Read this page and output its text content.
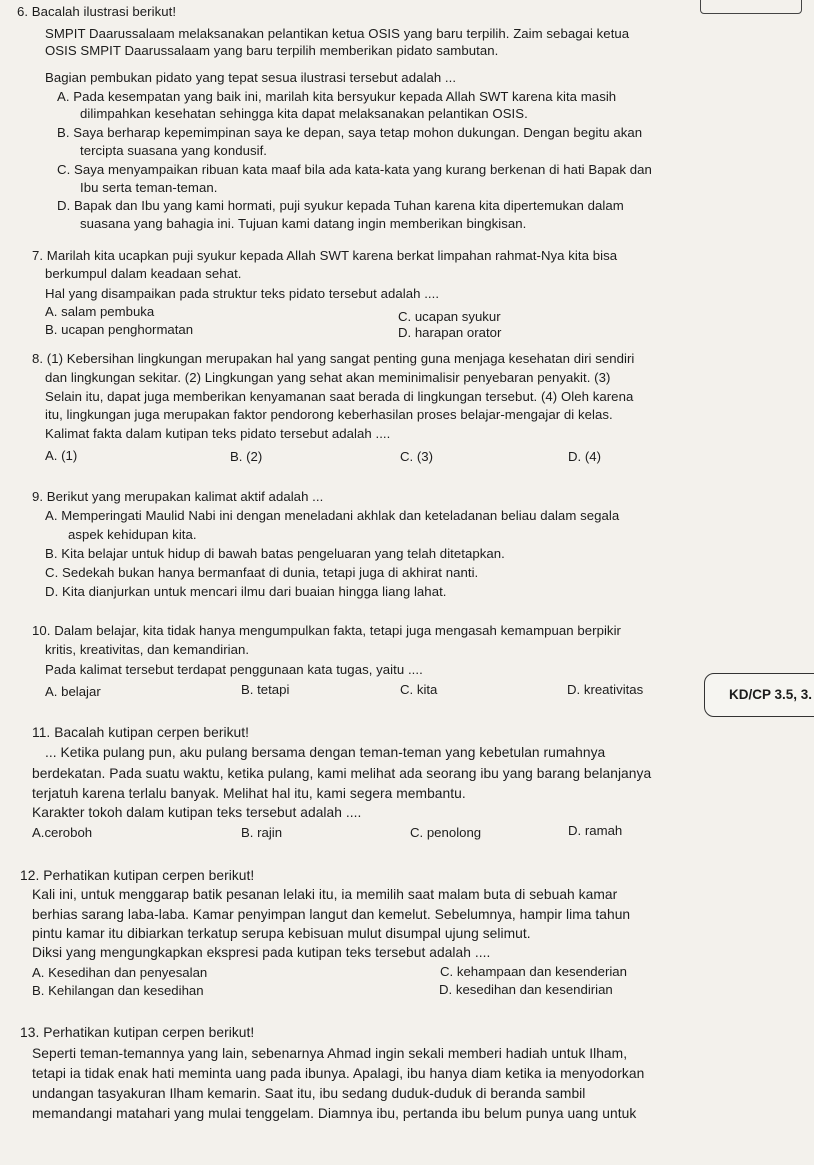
6. Bacalah ilustrasi berikut!
SMPIT Daarussalaam melaksanakan pelantikan ketua OSIS yang baru terpilih. Zaim sebagai ketua
OSIS SMPIT Daarussalaam yang baru terpilih memberikan pidato sambutan.
Bagian pembukan pidato yang tepat sesua ilustrasi tersebut adalah ...
A. Pada kesempatan yang baik ini, marilah kita bersyukur kepada Allah SWT karena kita masih
dilimpahkan kesehatan sehingga kita dapat melaksanakan pelantikan OSIS.
B. Saya berharap kepemimpinan saya ke depan, saya tetap mohon dukungan. Dengan begitu akan
tercipta suasana yang kondusif.
C. Saya menyampaikan ribuan kata maaf bila ada kata-kata yang kurang berkenan di hati Bapak dan
Ibu serta teman-teman.
D. Bapak dan Ibu yang kami hormati, puji syukur kepada Tuhan karena kita dipertemukan dalam
suasana yang bahagia ini. Tujuan kami datang ingin memberikan bingkisan.
7. Marilah kita ucapkan puji syukur kepada Allah SWT karena berkat limpahan rahmat-Nya kita bisa
berkumpul dalam keadaan sehat.
Hal yang disampaikan pada struktur teks pidato tersebut adalah ....
A. salam pembuka	C. ucapan syukur
B. ucapan penghormatan	D. harapan orator
8. (1) Kebersihan lingkungan merupakan hal yang sangat penting guna menjaga kesehatan diri sendiri
dan lingkungan sekitar. (2) Lingkungan yang sehat akan meminimalisir penyebaran penyakit. (3)
Selain itu, dapat juga memberikan kenyamanan saat berada di lingkungan tersebut. (4) Oleh karena
itu, lingkungan juga merupakan faktor pendorong keberhasilan proses belajar-mengajar di kelas.
Kalimat fakta dalam kutipan teks pidato tersebut adalah ....
A. (1)	B. (2)	C. (3)	D. (4)
9. Berikut yang merupakan kalimat aktif adalah ...
A. Memperingati Maulid Nabi ini dengan meneladani akhlak dan keteladanan beliau dalam segala
aspek kehidupan kita.
B. Kita belajar untuk hidup di bawah batas pengeluaran yang telah ditetapkan.
C. Sedekah bukan hanya bermanfaat di dunia, tetapi juga di akhirat nanti.
D. Kita dianjurkan untuk mencari ilmu dari buaian hingga liang lahat.
10. Dalam belajar, kita tidak hanya mengumpulkan fakta, tetapi juga mengasah kemampuan berpikir
kritis, kreativitas, dan kemandirian.
Pada kalimat tersebut terdapat penggunaan kata tugas, yaitu ....
A. belajar	B. tetapi	C. kita	D. kreativitas	KD/CP 3.5, 3.
11. Bacalah kutipan cerpen berikut!
... Ketika pulang pun, aku pulang bersama dengan teman-teman yang kebetulan rumahnya
berdekatan. Pada suatu waktu, ketika pulang, kami melihat ada seorang ibu yang barang belanjanya
terjatuh karena terlalu banyak. Melihat hal itu, kami segera membantu.
Karakter tokoh dalam kutipan teks tersebut adalah ....
A.ceroboh	B. rajin	C. penolong	D. ramah
12. Perhatikan kutipan cerpen berikut!
Kali ini, untuk menggarap batik pesanan lelaki itu, ia memilih saat malam buta di sebuah kamar
berhias sarang laba-laba. Kamar penyimpan langut dan kemelut. Sebelumnya, hampir lima tahun
pintu kamar itu dibiarkan terkatup serupa kebisuan mulut disumpal ujung selimut.
Diksi yang mengungkapkan ekspresi pada kutipan teks tersebut adalah ....
A. Kesedihan dan penyesalan	C. kehampaan dan kesenderian
B. Kehilangan dan kesedihan	D. kesedihan dan kesendirian
13. Perhatikan kutipan cerpen berikut!
Seperti teman-temannya yang lain, sebenarnya Ahmad ingin sekali memberi hadiah untuk Ilham,
tetapi ia tidak enak hati meminta uang pada ibunya. Apalagi, ibu hanya diam ketika ia menyodorkan
undangan tasyakuran Ilham kemarin. Saat itu, ibu sedang duduk-duduk di beranda sambil
memandangi matahari yang mulai tenggelam. Diamnya ibu, pertanda ibu belum punya uang untuk
